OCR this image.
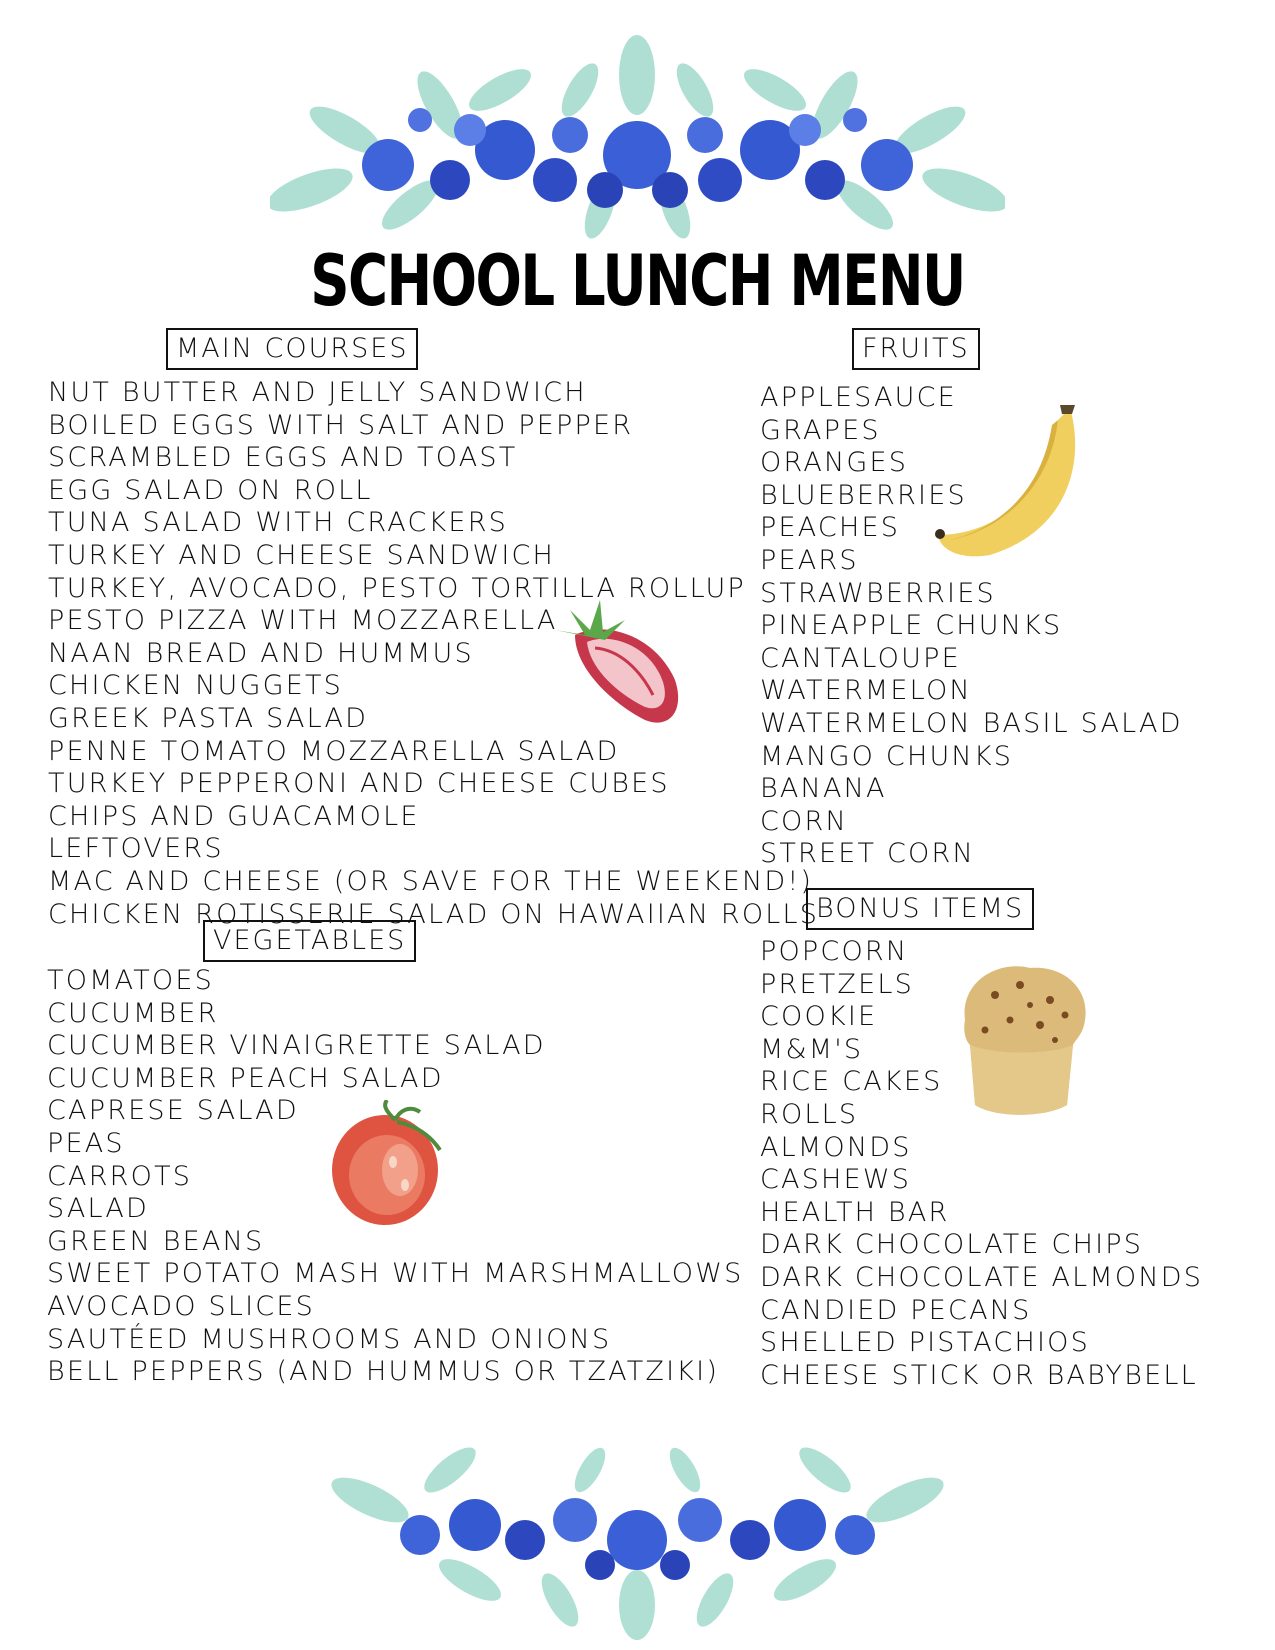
SCHOOL LUNCH MENU
MAIN COURSES
NUT BUTTER AND JELLY SANDWICH
BOILED EGGS WITH SALT AND PEPPER
SCRAMBLED EGGS AND TOAST
EGG SALAD ON ROLL
TUNA SALAD WITH CRACKERS
TURKEY AND CHEESE SANDWICH
TURKEY, AVOCADO, PESTO TORTILLA ROLLUP
PESTO PIZZA WITH MOZZARELLA
NAAN BREAD AND HUMMUS
CHICKEN NUGGETS
GREEK PASTA SALAD
PENNE TOMATO MOZZARELLA SALAD
TURKEY PEPPERONI AND CHEESE CUBES
CHIPS AND GUACAMOLE
LEFTOVERS
MAC AND CHEESE (OR SAVE FOR THE WEEKEND!)
CHICKEN ROTISSERIE SALAD ON HAWAIIAN ROLLS
VEGETABLES
TOMATOES
CUCUMBER
CUCUMBER VINAIGRETTE SALAD
CUCUMBER PEACH SALAD
CAPRESE SALAD
PEAS
CARROTS
SALAD
GREEN BEANS
SWEET POTATO MASH WITH MARSHMALLOWS
AVOCADO SLICES
SAUTÉED MUSHROOMS AND ONIONS
BELL PEPPERS (AND HUMMUS OR TZATZIKI)
FRUITS
APPLESAUCE
GRAPES
ORANGES
BLUEBERRIES
PEACHES
PEARS
STRAWBERRIES
PINEAPPLE CHUNKS
CANTALOUPE
WATERMELON
WATERMELON BASIL SALAD
MANGO CHUNKS
BANANA
CORN
STREET CORN
BONUS ITEMS
POPCORN
PRETZELS
COOKIE
M&M'S
RICE CAKES
ROLLS
ALMONDS
CASHEWS
HEALTH BAR
DARK CHOCOLATE CHIPS
DARK CHOCOLATE ALMONDS
CANDIED PECANS
SHELLED PISTACHIOS
CHEESE STICK OR BABYBELL
